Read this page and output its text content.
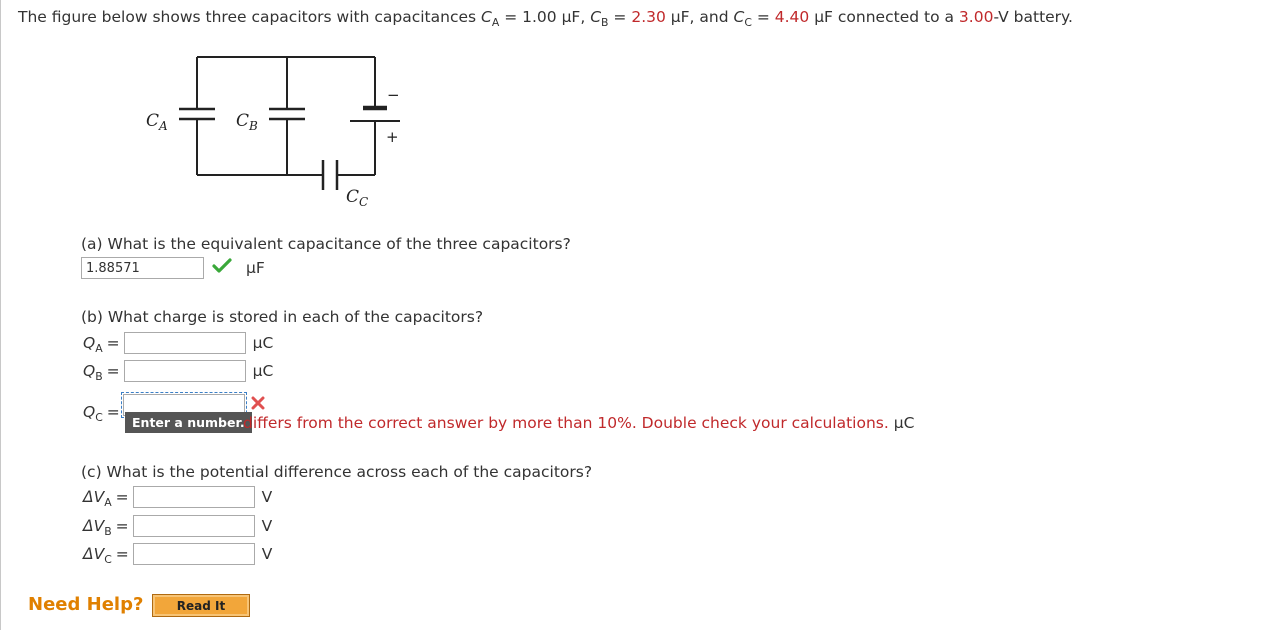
The figure below shows three capacitors with capacitances $C_A = 1.00$ μF, $C_B = 2.30$ μF, and $C_C = 4.40$ μF connected to a 3.00-V battery.
$C_A$	$C_B$
$C_C$
−
+
(a) What is the equivalent capacitance of the three capacitors?
1.88571
μF
(b) What charge is stored in each of the capacitors?
$Q_A$ =	μC
$Q_B$ =	μC
$Q_C$ =
Enter a number.
differs from the correct answer by more than 10%. Double check your calculations. μC
(c) What is the potential difference across each of the capacitors?
$\Delta V_A$ =	V
$\Delta V_B$ =	V
$\Delta V_C$ =	V
Need Help?	Read It
